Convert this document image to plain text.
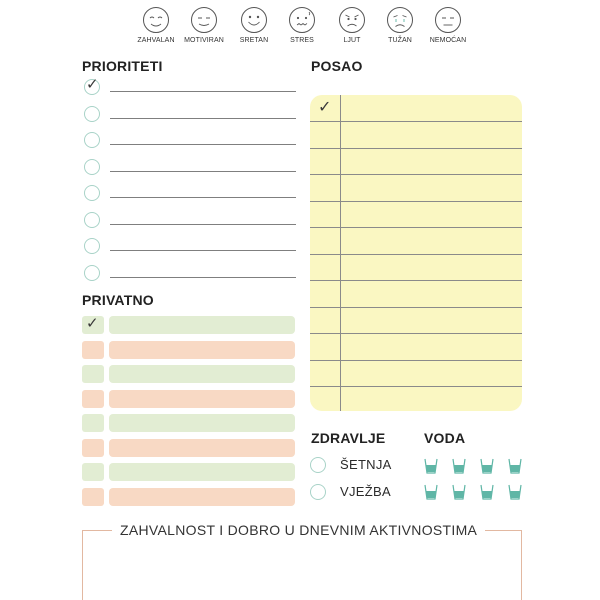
ZAHVALAN	MOTIVIRAN	SRETAN	STRES	LJUT	TUŽAN	NEMOĆAN
PRIORITETI
✓
PRIVATNO
✓
POSAO
✓
ZDRAVLJE
ŠETNJA
VJEŽBA
VODA
ZAHVALNOST I DOBRO U DNEVNIM AKTIVNOSTIMA
